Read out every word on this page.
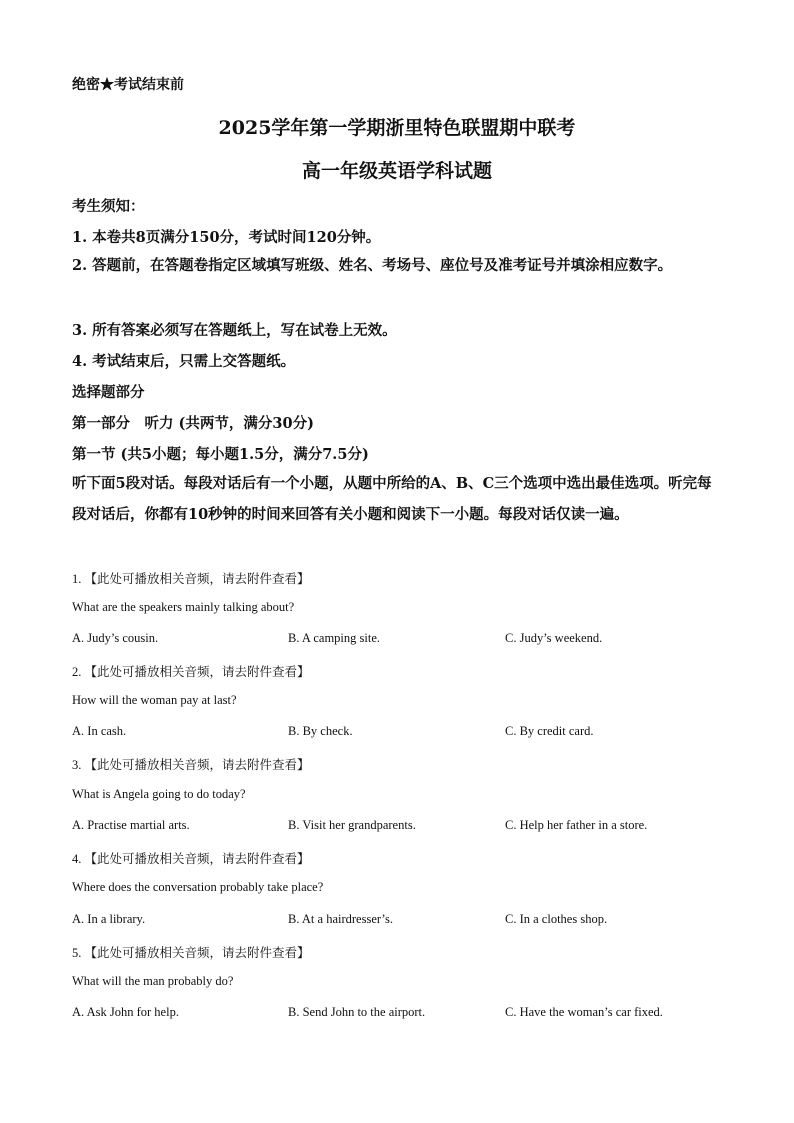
绝密★考试结束前
2025学年第一学期浙里特色联盟期中联考
高一年级英语学科试题
考生须知：
1. 本卷共8页满分150分，考试时间120分钟。
2. 答题前，在答题卷指定区域填写班级、姓名、考场号、座位号及准考证号并填涂相应数字。
3. 所有答案必须写在答题纸上，写在试卷上无效。
4. 考试结束后，只需上交答题纸。
选择题部分
第一部分　听力 (共两节，满分30分)
第一节 (共5小题；每小题1.5分，满分7.5分)
听下面5段对话。每段对话后有一个小题，从题中所给的A、B、C三个选项中选出最佳选项。听完每段对话后，你都有10秒钟的时间来回答有关小题和阅读下一小题。每段对话仅读一遍。
1. 【此处可播放相关音频，请去附件查看】
What are the speakers mainly talking about?
A. Judy’s cousin.	B. A camping site.	C. Judy’s weekend.
2. 【此处可播放相关音频，请去附件查看】
How will the woman pay at last?
A. In cash.	B. By check.	C. By credit card.
3. 【此处可播放相关音频，请去附件查看】
What is Angela going to do today?
A. Practise martial arts.	B. Visit her grandparents.	C. Help her father in a store.
4. 【此处可播放相关音频，请去附件查看】
Where does the conversation probably take place?
A. In a library.	B. At a hairdresser’s.	C. In a clothes shop.
5. 【此处可播放相关音频，请去附件查看】
What will the man probably do?
A. Ask John for help.	B. Send John to the airport.	C. Have the woman’s car fixed.
